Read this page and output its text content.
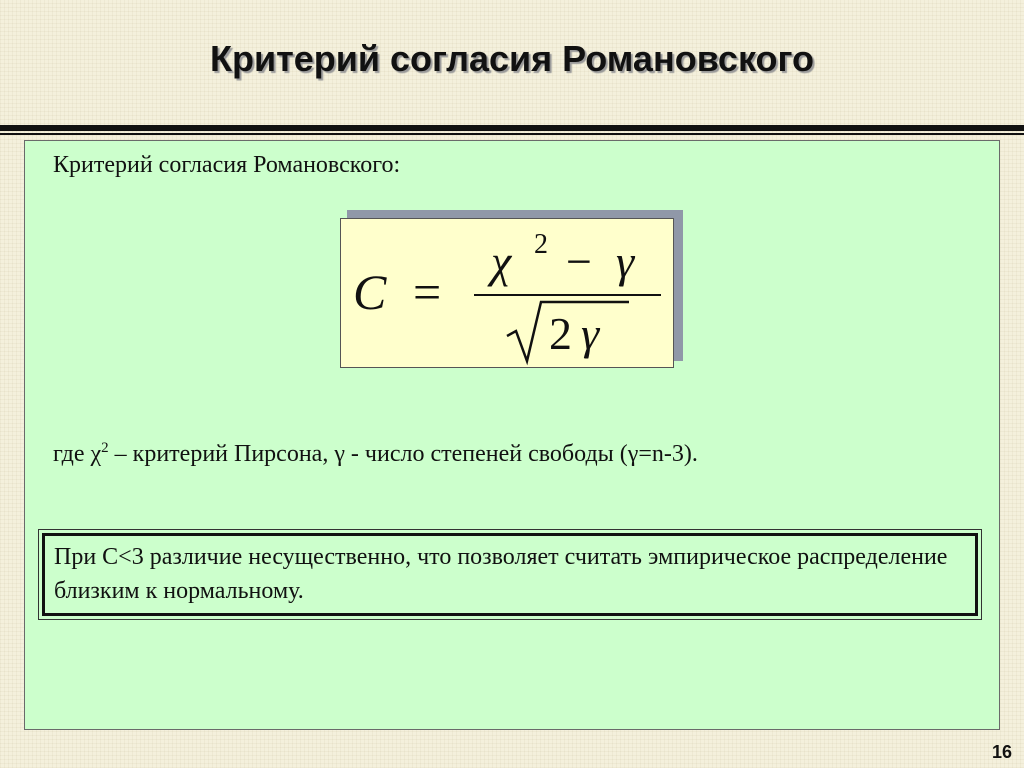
Критерий согласия Романовского
Критерий согласия Романовского:
C =
χ 2 − γ
2 γ
где $\chi^2$ – критерий Пирсона, γ - число степеней свободы (γ=n-3).
При C<3 различие несущественно, что позволяет считать эмпирическое распределение близким к нормальному.
16
